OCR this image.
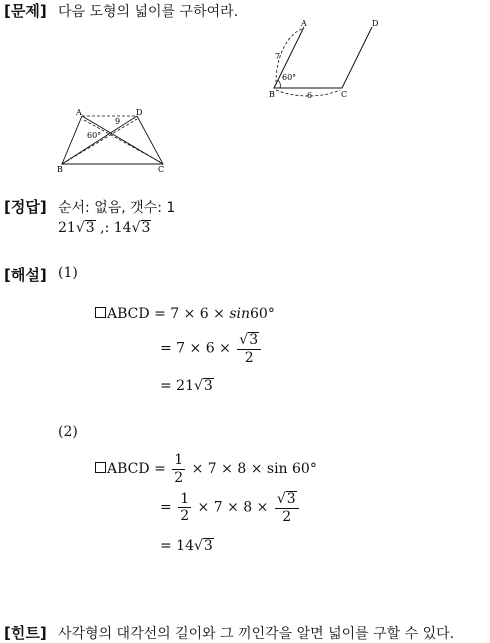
[문제] 다음 도형의 넓이를 구하여라.
A	D
B	C
7
6
60°
A	D
B	C
9
60°
[정답] 순서: 없음, 갯수: 1
21√3 ,: 14√3
[해설] (1)
ABCD = 7 × 6 × sin60°
= $7 \times 6 \times \frac{√3}{2}$
= 21√3
(2)
ABCD = $\frac{1}{2} \times 7 \times 8 \times \sin 60^\circ$
= $\frac{1}{2} \times 7 \times 8 \times \frac{√3}{2}$
= 14√3
[힌트] 사각형의 대각선의 길이와 그 끼인각을 알면 넓이를 구할 수 있다.
